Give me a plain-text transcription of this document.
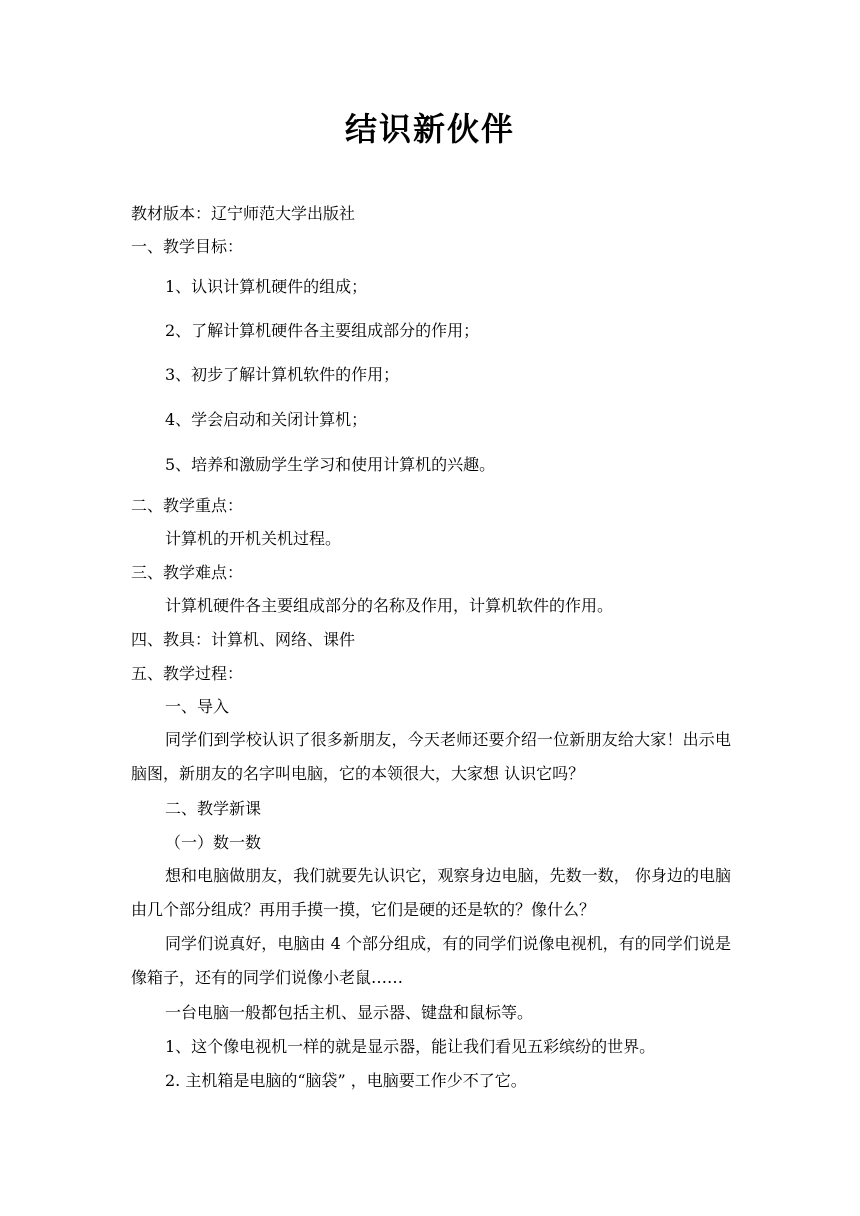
结识新伙伴
教材版本：辽宁师范大学出版社
一、教学目标：
1、认识计算机硬件的组成；
2、了解计算机硬件各主要组成部分的作用；
3、初步了解计算机软件的作用；
4、学会启动和关闭计算机；
5、培养和激励学生学习和使用计算机的兴趣。
二、教学重点：
计算机的开机关机过程。
三、教学难点：
计算机硬件各主要组成部分的名称及作用，计算机软件的作用。
四、教具：计算机、网络、课件
五、教学过程：
一、导入
同学们到学校认识了很多新朋友，今天老师还要介绍一位新朋友给大家！出示电脑图，新朋友的名字叫电脑，它的本领很大，大家想 认识它吗？
二、教学新课
（一）数一数
想和电脑做朋友，我们就要先认识它，观察身边电脑，先数一数， 你身边的电脑由几个部分组成？再用手摸一摸，它们是硬的还是软的？像什么？
同学们说真好，电脑由 4 个部分组成，有的同学们说像电视机，有的同学们说是像箱子，还有的同学们说像小老鼠……
一台电脑一般都包括主机、显示器、键盘和鼠标等。
1、这个像电视机一样的就是显示器，能让我们看见五彩缤纷的世界。
2. 主机箱是电脑的“脑袋” ，电脑要工作少不了它。
